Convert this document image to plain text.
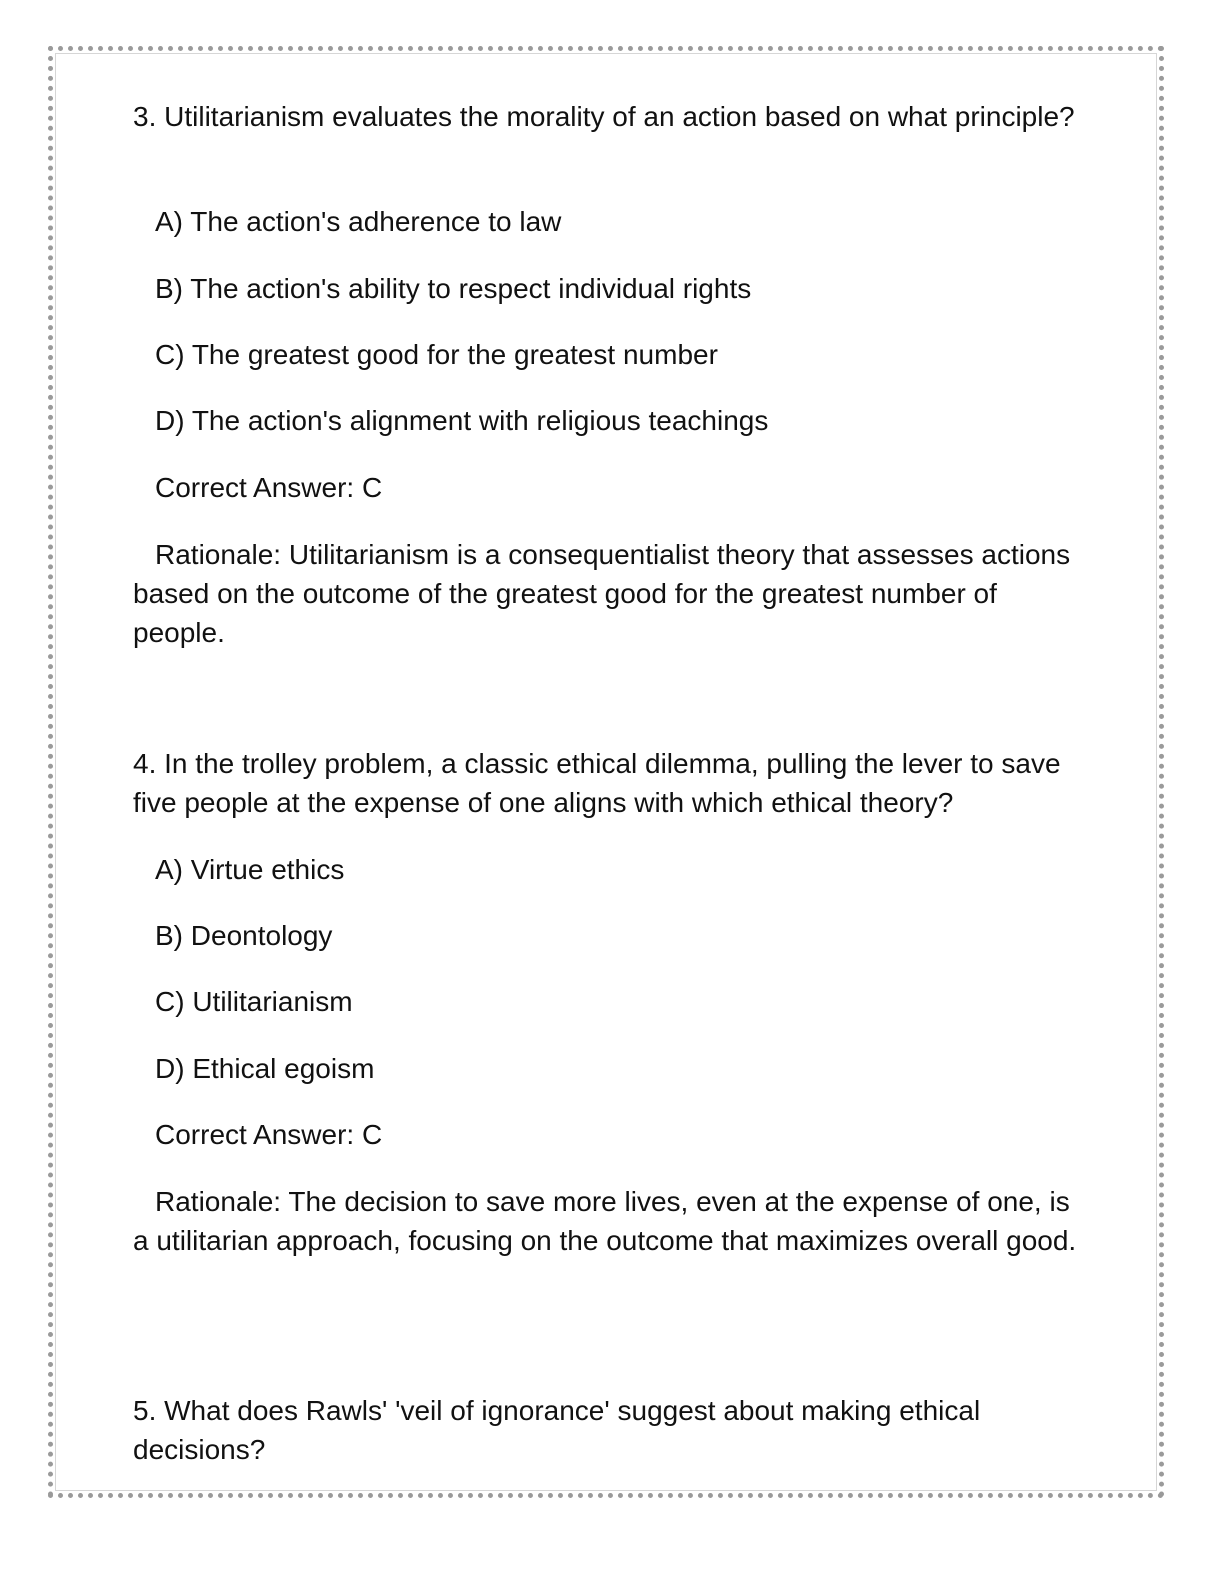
3. Utilitarianism evaluates the morality of an action based on what principle?

A) The action's adherence to law

B) The action's ability to respect individual rights

C) The greatest good for the greatest number

D) The action's alignment with religious teachings

Correct Answer: C

Rationale: Utilitarianism is a consequentialist theory that assesses actions based on the outcome of the greatest good for the greatest number of people.

4. In the trolley problem, a classic ethical dilemma, pulling the lever to save five people at the expense of one aligns with which ethical theory?

A) Virtue ethics

B) Deontology

C) Utilitarianism

D) Ethical egoism

Correct Answer: C

Rationale: The decision to save more lives, even at the expense of one, is a utilitarian approach, focusing on the outcome that maximizes overall good.

5. What does Rawls' 'veil of ignorance' suggest about making ethical decisions?
